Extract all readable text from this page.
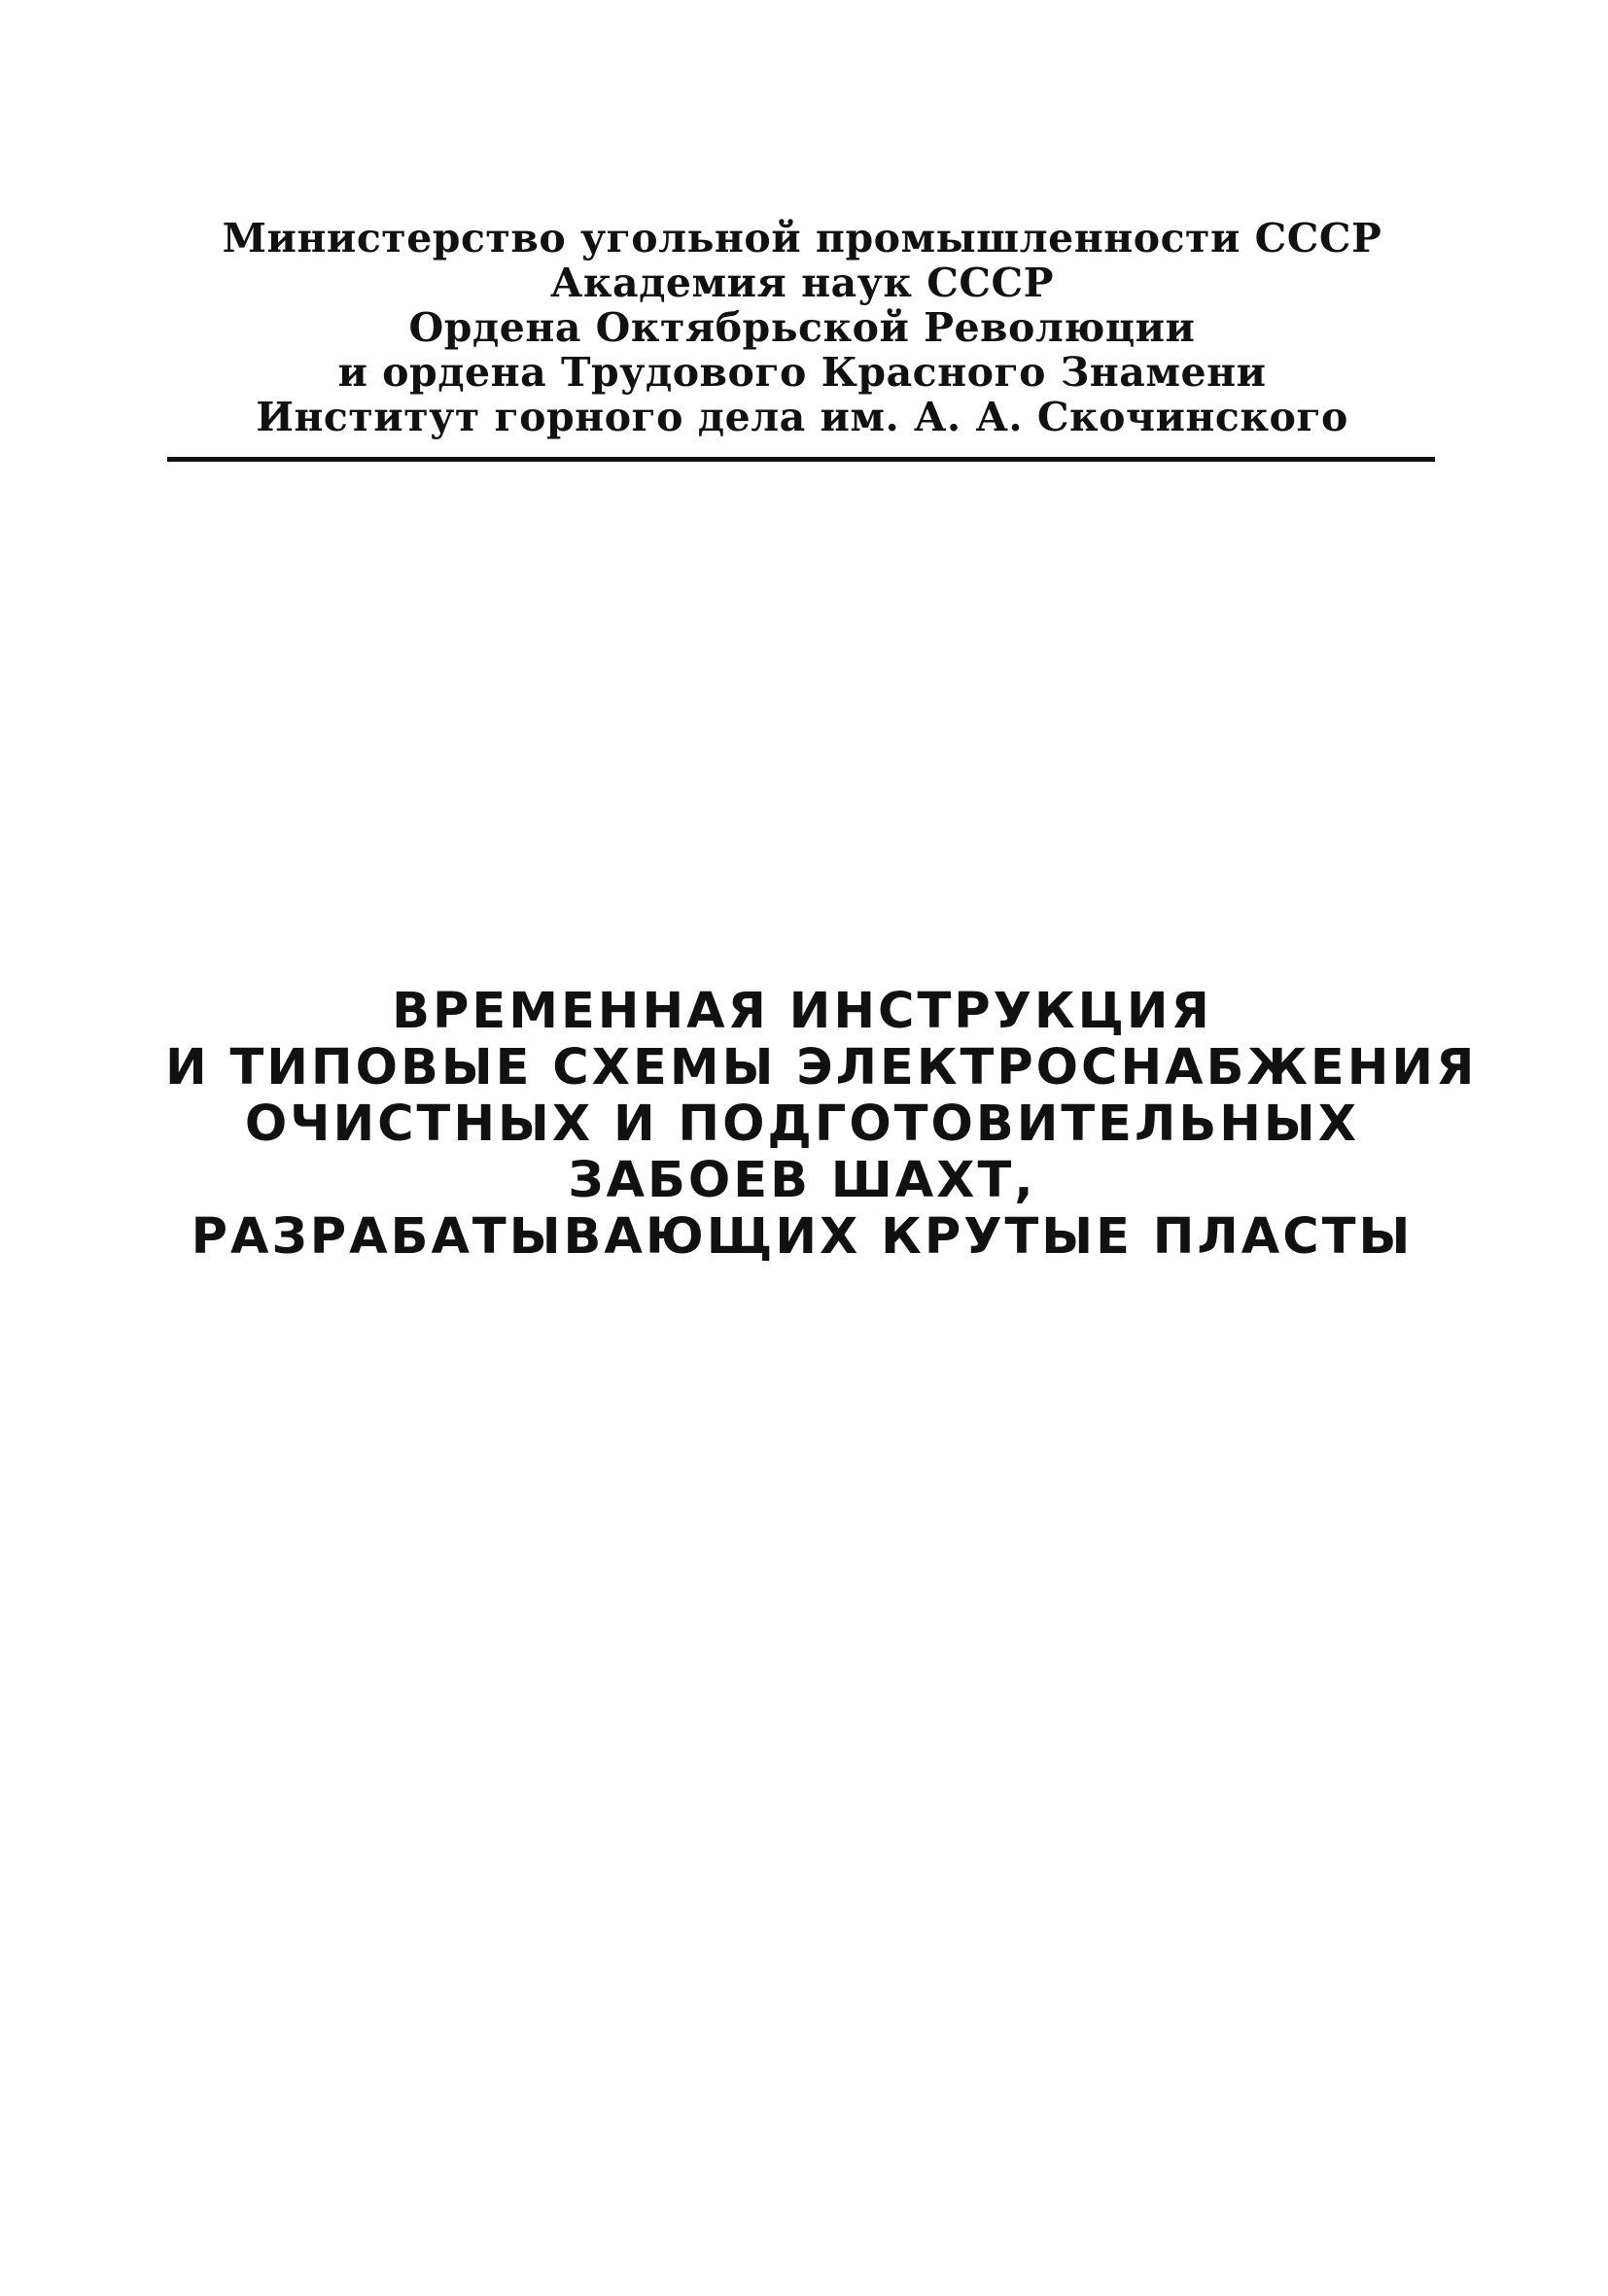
Министерство угольной промышленности СССР
Академия наук СССР
Ордена Октябрьской Революции
и ордена Трудового Красного Знамени
Институт горного дела им. А. А. Скочинского
ВРЕМЕННАЯ ИНСТРУКЦИЯ
И ТИПОВЫЕ СХЕМЫ ЭЛЕКТРОСНАБЖЕНИЯ
ОЧИСТНЫХ И ПОДГОТОВИТЕЛЬНЫХ
ЗАБОЕВ ШАХТ,
РАЗРАБАТЫВАЮЩИХ КРУТЫЕ ПЛАСТЫ
